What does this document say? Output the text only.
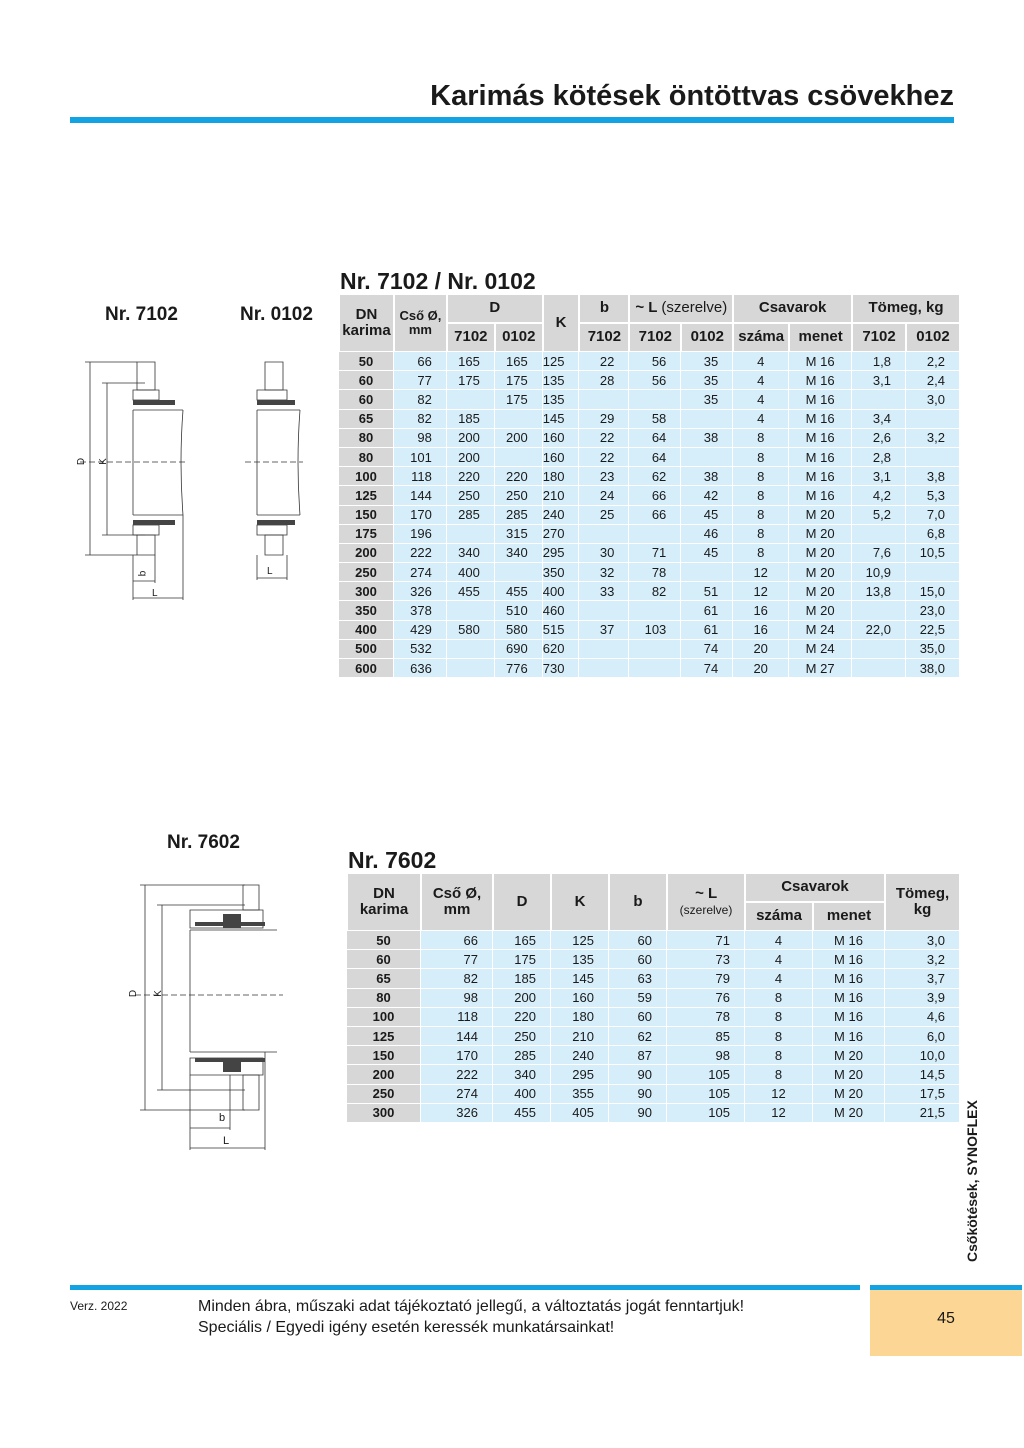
Karimás kötések öntöttvas csövekhez
Nr. 7102 / Nr. 0102
Nr. 7102	Nr. 0102
D K
b
L
L
DN
karima	Cső Ø,
mm	D		K	b	~ L (szerelve)		Csavarok		Tömeg, kg	
		7102	0102		7102	7102	0102	száma	menet	7102	0102
50	66	165	165	125	22	56	35	4	M 16	1,8	2,2
60	77	175	175	135	28	56	35	4	M 16	3,1	2,4
60	82		175	135			35	4	M 16		3,0
65	82	185		145	29	58		4	M 16	3,4	
80	98	200	200	160	22	64	38	8	M 16	2,6	3,2
80	101	200		160	22	64		8	M 16	2,8	
100	118	220	220	180	23	62	38	8	M 16	3,1	3,8
125	144	250	250	210	24	66	42	8	M 16	4,2	5,3
150	170	285	285	240	25	66	45	8	M 20	5,2	7,0
175	196		315	270			46	8	M 20		6,8
200	222	340	340	295	30	71	45	8	M 20	7,6	10,5
250	274	400		350	32	78		12	M 20	10,9	
300	326	455	455	400	33	82	51	12	M 20	13,8	15,0
350	378		510	460			61	16	M 20		23,0
400	429	580	580	515	37	103	61	16	M 24	22,0	22,5
500	532		690	620			74	20	M 24		35,0
600	636		776	730			74	20	M 27		38,0
Nr. 7602
Nr. 7602
D K
b
L
DN
karima	Cső Ø,
mm	D	K	b	~ L (szerelve)	Csavarok		Tömeg,
kg
						száma	menet	
50	66	165	125	60	71	4	M 16	3,0
60	77	175	135	60	73	4	M 16	3,2
65	82	185	145	63	79	4	M 16	3,7
80	98	200	160	59	76	8	M 16	3,9
100	118	220	180	60	78	8	M 16	4,6
125	144	250	210	62	85	8	M 16	6,0
150	170	285	240	87	98	8	M 20	10,0
200	222	340	295	90	105	8	M 20	14,5
250	274	400	355	90	105	12	M 20	17,5
300	326	455	405	90	105	12	M 20	21,5 Csőkötések, SYNOFLEX
45
Verz. 2022	Minden ábra, műszaki adat tájékoztató jellegű, a változtatás jogát fenntartjuk!
Speciális / Egyedi igény esetén keressék munkatársainkat!
